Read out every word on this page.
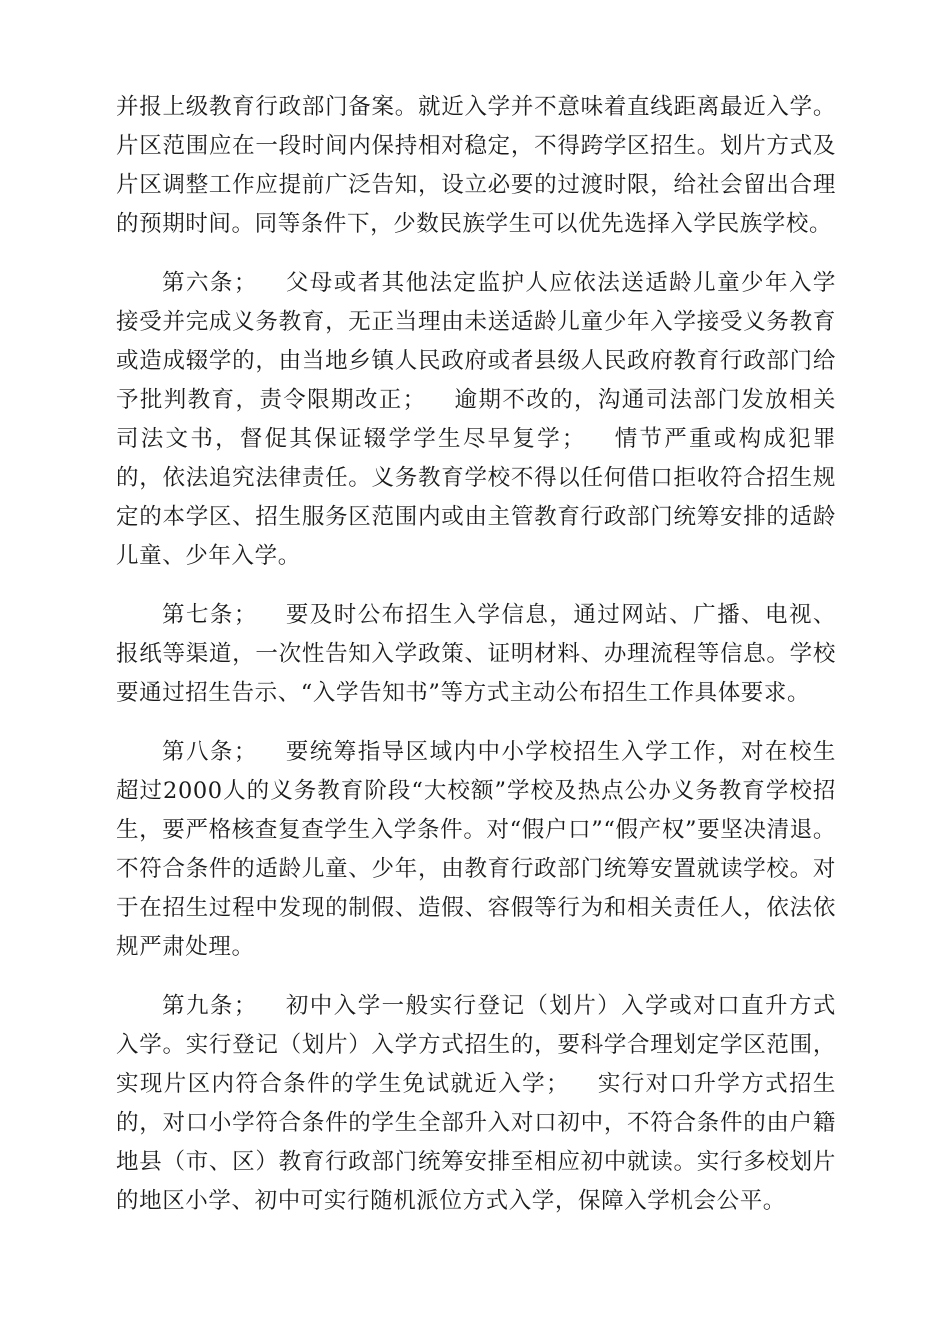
并报上级教育行政部门备案。就近入学并不意味着直线距离最近入学。片区范围应在一段时间内保持相对稳定，不得跨学区招生。划片方式及片区调整工作应提前广泛告知，设立必要的过渡时限，给社会留出合理的预期时间。同等条件下，少数民族学生可以优先选择入学民族学校。

第六条； 父母或者其他法定监护人应依法送适龄儿童少年入学接受并完成义务教育，无正当理由未送适龄儿童少年入学接受义务教育或造成辍学的，由当地乡镇人民政府或者县级人民政府教育行政部门给予批判教育，责令限期改正； 逾期不改的，沟通司法部门发放相关司法文书，督促其保证辍学学生尽早复学； 情节严重或构成犯罪的，依法追究法律责任。义务教育学校不得以任何借口拒收符合招生规定的本学区、招生服务区范围内或由主管教育行政部门统筹安排的适龄儿童、少年入学。

第七条； 要及时公布招生入学信息，通过网站、广播、电视、报纸等渠道，一次性告知入学政策、证明材料、办理流程等信息。学校要通过招生告示、“入学告知书”等方式主动公布招生工作具体要求。

第八条； 要统筹指导区域内中小学校招生入学工作，对在校生超过2000人的义务教育阶段“大校额”学校及热点公办义务教育学校招生，要严格核查复查学生入学条件。对“假户口”“假产权”要坚决清退。不符合条件的适龄儿童、少年，由教育行政部门统筹安置就读学校。对于在招生过程中发现的制假、造假、容假等行为和相关责任人，依法依规严肃处理。

第九条； 初中入学一般实行登记（划片）入学或对口直升方式入学。实行登记（划片）入学方式招生的，要科学合理划定学区范围，实现片区内符合条件的学生免试就近入学； 实行对口升学方式招生的，对口小学符合条件的学生全部升入对口初中，不符合条件的由户籍地县（市、区）教育行政部门统筹安排至相应初中就读。实行多校划片的地区小学、初中可实行随机派位方式入学，保障入学机会公平。
